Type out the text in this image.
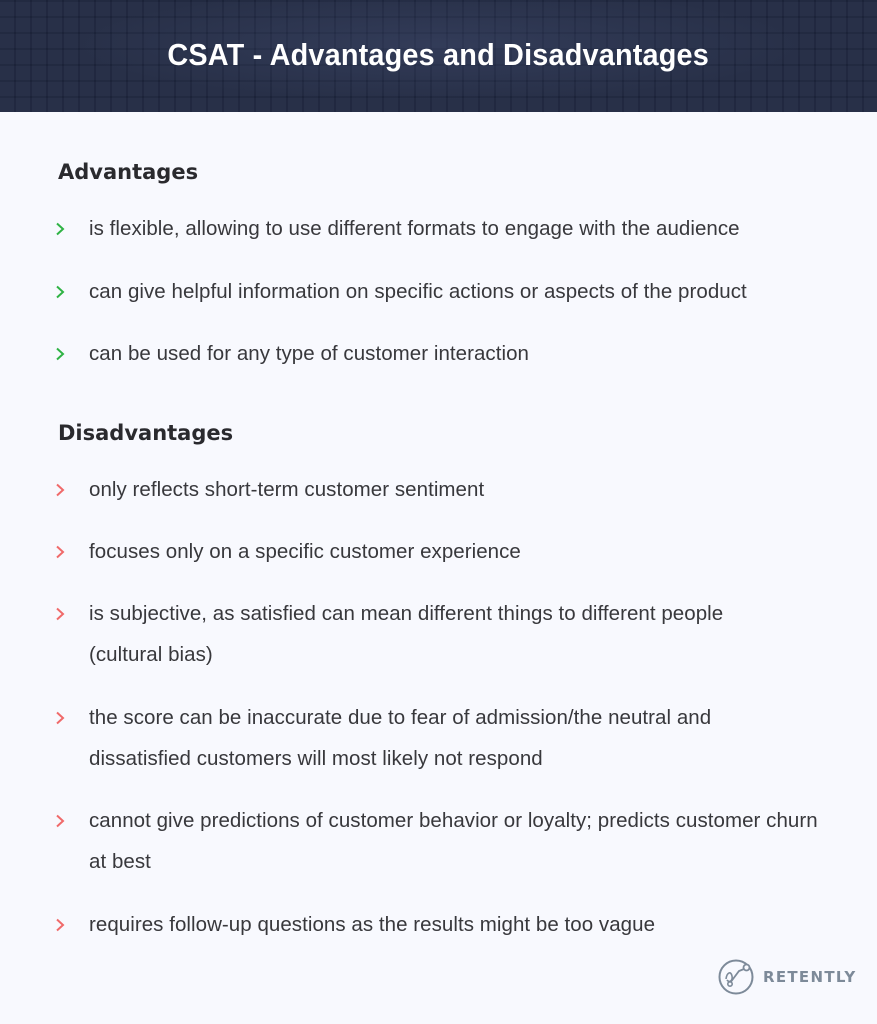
CSAT - Advantages and Disadvantages
Advantages
is flexible, allowing to use different formats to engage with the audience
can give helpful information on specific actions or aspects of the product
can be used for any type of customer interaction
Disadvantages
only reflects short-term customer sentiment
focuses only on a specific customer experience
is subjective, as satisfied can mean different things to different people (cultural bias)
the score can be inaccurate due to fear of admission/the neutral and dissatisfied customers will most likely not respond
cannot give predictions of customer behavior or loyalty; predicts customer churn at best
requires follow-up questions as the results might be too vague
RETENTLY
